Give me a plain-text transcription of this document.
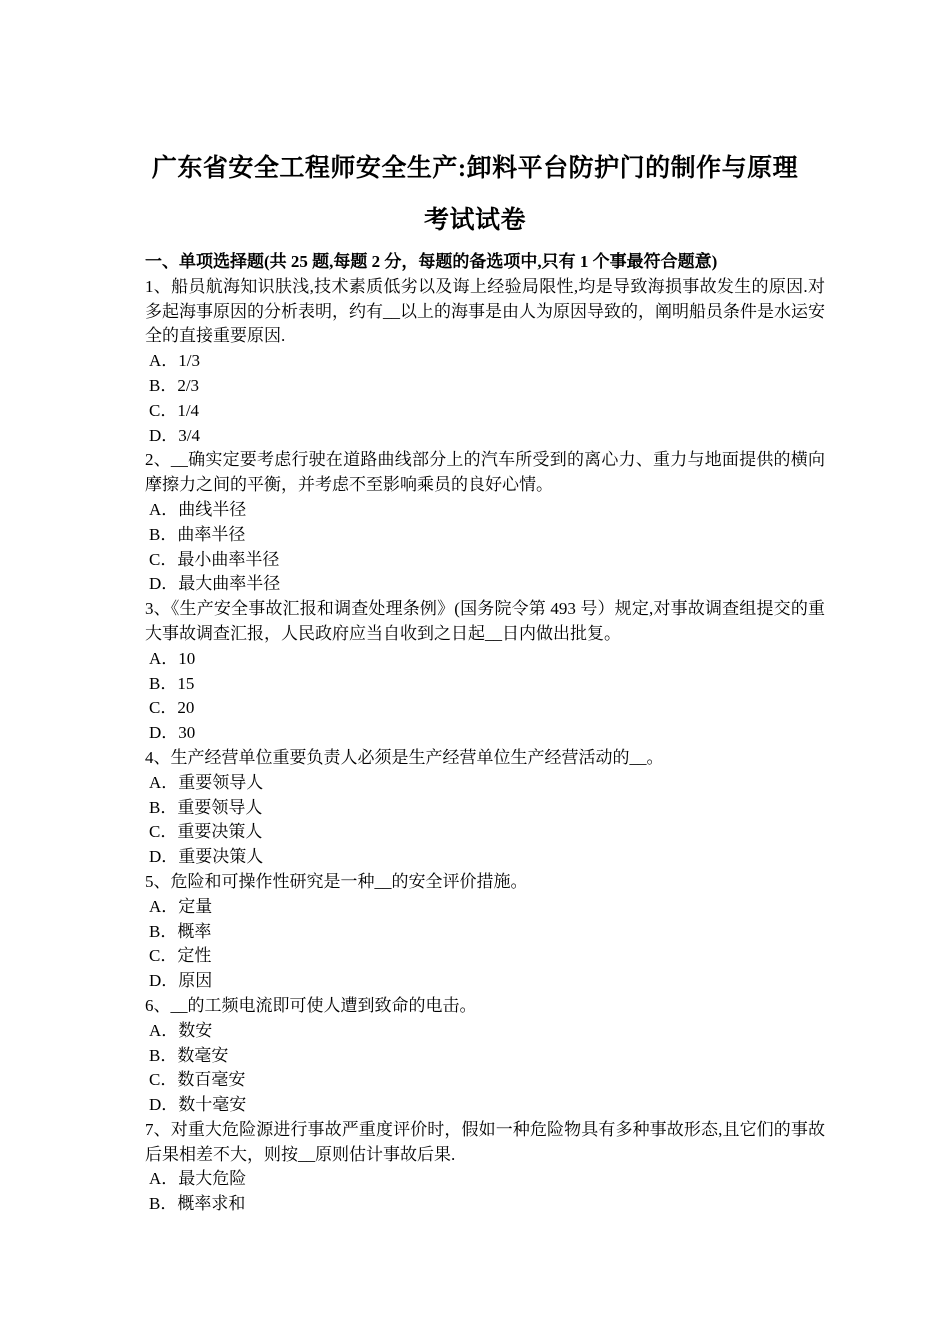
广东省安全工程师安全生产:卸料平台防护门的制作与原理
考试试卷
一、单项选择题(共 25 题,每题 2 分，每题的备选项中,只有 1 个事最符合题意)
1、船员航海知识肤浅,技术素质低劣以及诲上经验局限性,均是导致海损事故发生的原因.对多起海事原因的分析表明，约有__以上的海事是由人为原因导致的，阐明船员条件是水运安全的直接重要原因.
A．1/3
B．2/3
C．1/4
D．3/4
2、__确实定要考虑行驶在道路曲线部分上的汽车所受到的离心力、重力与地面提供的横向摩擦力之间的平衡，并考虑不至影响乘员的良好心情。
A．曲线半径
B．曲率半径
C．最小曲率半径
D．最大曲率半径
3、《生产安全事故汇报和调查处理条例》(国务院令第 493 号）规定,对事故调查组提交的重大事故调查汇报，人民政府应当自收到之日起__日内做出批复。
A．10
B．15
C．20
D．30
4、生产经营单位重要负责人必须是生产经营单位生产经营活动的__。
A．重要领导人
B．重要领导人
C．重要决策人
D．重要决策人
5、危险和可操作性研究是一种__的安全评价措施。
A．定量
B．概率
C．定性
D．原因
6、__的工频电流即可使人遭到致命的电击。
A．数安
B．数毫安
C．数百毫安
D．数十毫安
7、对重大危险源进行事故严重度评价时，假如一种危险物具有多种事故形态,且它们的事故后果相差不大，则按__原则估计事故后果.
A．最大危险
B．概率求和
